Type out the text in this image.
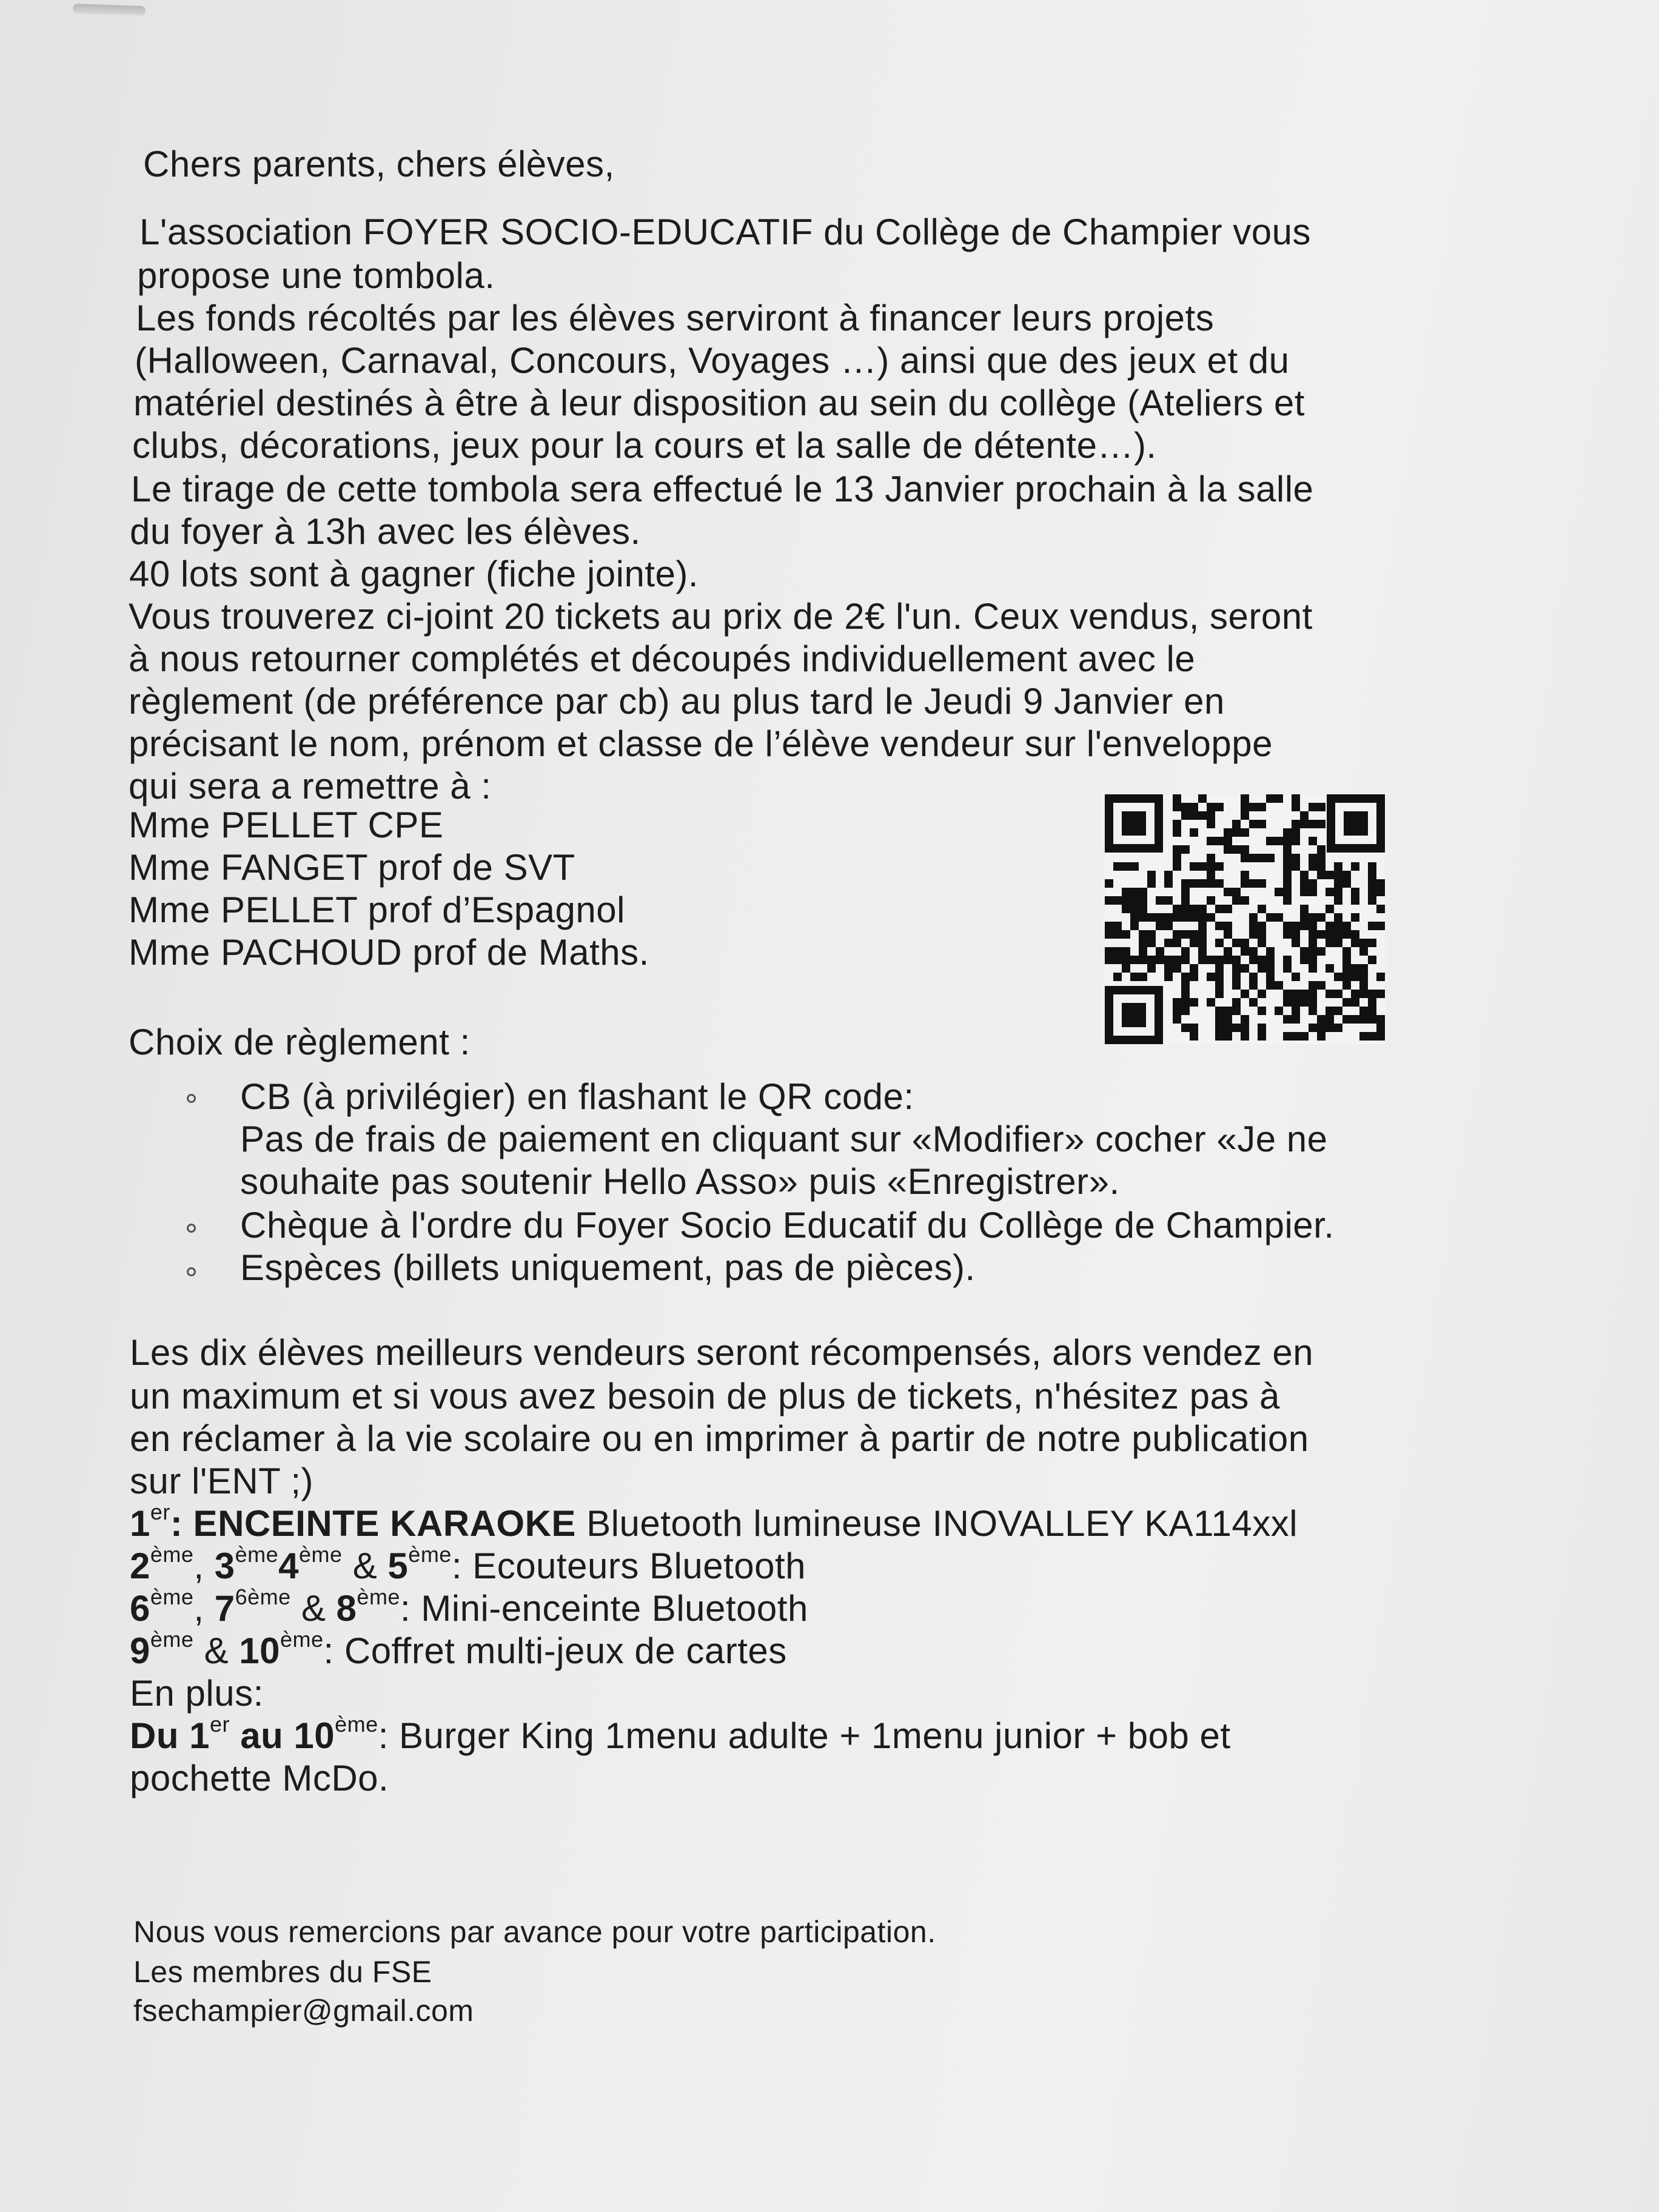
Chers parents, chers élèves,
L'association FOYER SOCIO-EDUCATIF du Collège de Champier vous
propose une tombola.
Les fonds récoltés par les élèves serviront à financer leurs projets
(Halloween, Carnaval, Concours, Voyages …) ainsi que des jeux et du
matériel destinés à être à leur disposition au sein du collège (Ateliers et
clubs, décorations, jeux pour la cours et la salle de détente…).
Le tirage de cette tombola sera effectué le 13 Janvier prochain à la salle
du foyer à 13h avec les élèves.
40 lots sont à gagner (fiche jointe).
Vous trouverez ci-joint 20 tickets au prix de 2€ l'un. Ceux vendus, seront
à nous retourner complétés et découpés individuellement avec le
règlement (de préférence par cb) au plus tard le Jeudi 9 Janvier en
précisant le nom, prénom et classe de l’élève vendeur sur l'enveloppe
qui sera a remettre à :
Mme PELLET CPE
Mme FANGET prof de SVT
Mme PELLET prof d’Espagnol
Mme PACHOUD prof de Maths.
Choix de règlement :
CB (à privilégier) en flashant le QR code:
Pas de frais de paiement en cliquant sur «Modifier» cocher «Je ne
souhaite pas soutenir Hello Asso» puis «Enregistrer».
Chèque à l'ordre du Foyer Socio Educatif du Collège de Champier.
Espèces (billets uniquement, pas de pièces).
Les dix élèves meilleurs vendeurs seront récompensés, alors vendez en
un maximum et si vous avez besoin de plus de tickets, n'hésitez pas à
en réclamer à la vie scolaire ou en imprimer à partir de notre publication
sur l'ENT ;)
1er: ENCEINTE KARAOKE Bluetooth lumineuse INOVALLEY KA114xxl
2ème, 3ème4ème & 5ème: Ecouteurs Bluetooth
6ème, $7^{6ème}$ & 8ème: Mini-enceinte Bluetooth
9ème & 10ème: Coffret multi-jeux de cartes
En plus:
Du 1er au 10ème: Burger King 1menu adulte + 1menu junior + bob et
pochette McDo.
Nous vous remercions par avance pour votre participation.
Les membres du FSE
fsechampier@gmail.com
